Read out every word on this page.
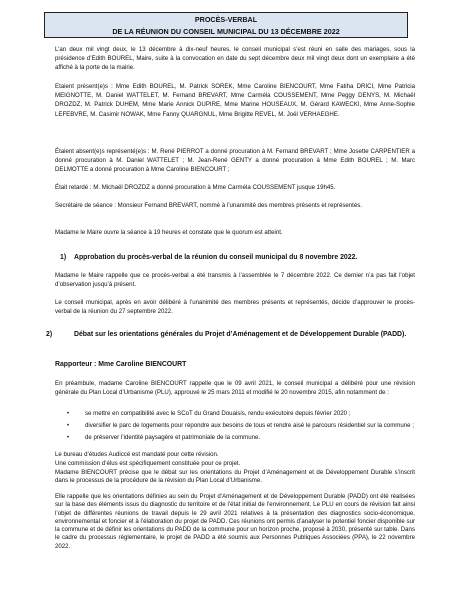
PROCÈS-VERBAL
DE LA RÉUNION DU CONSEIL MUNICIPAL DU 13 DÉCEMBRE 2022

L’an deux mil vingt deux, le 13 décembre à dix-neuf heures, le conseil municipal s’est réuni en salle des mariages, sous la présidence d’Edith BOUREL, Maire, suite à la convocation en date du sept décembre deux mil vingt deux dont un exemplaire a été affiché à la porte de la mairie.

Etaient présent(e)s : Mme Edith BOUREL, M. Patrick SOREK, Mme Caroline BIENCOURT, Mme Fatiha DRICI, Mme Patricia MEIGNOTTE, M. Daniel WATTELET, M. Fernand BREVART, Mme Carméla COUSSEMENT, Mme Peggy DENYS, M. Michaël DROZDZ, M. Patrick DUHEM, Mme Marie Annick DUPIRE, Mme Marine HOUSEAUX, M. Gérard KAWECKI, Mme Anne-Sophie LEFEBVRE, M. Casimir NOWAK, Mme Fanny QUARGNUL, Mme Brigitte REVEL, M. Joël VERHAEGHE.

Étaient absent(e)s représenté(e)s : M. René PIERROT a donné procuration à M. Fernand BREVART ; Mme Josette CARPENTIER a donné procuration à M. Daniel WATTELET ; M. Jean-René GENTY a donné procuration à Mme Edith BOUREL ; M. Marc DELMOTTE a donné procuration à Mme Caroline BIENCOURT ;

Était retardé : M. Michaël DROZDZ a donné procuration à Mme Carméla COUSSEMENT jusque 19h45.

Secrétaire de séance : Monsieur Fernand BREVART, nommé à l’unanimité des membres présents et représentés.

Madame le Maire ouvre la séance à 19 heures et constate que le quorum est atteint.

1) Approbation du procès-verbal de la réunion du conseil municipal du 8 novembre 2022.

Madame le Maire rappelle que ce procès-verbal a été transmis à l’assemblée le 7 décembre 2022. Ce dernier n’a pas fait l’objet d’observation jusqu’à présent.

Le conseil municipal, après en avoir délibéré à l’unanimité des membres présents et représentés, décide d’approuver le procès-verbal de la réunion du 27 septembre 2022.

2)	Débat sur les orientations générales du Projet d’Aménagement et de Développement Durable (PADD).

Rapporteur : Mme Caroline BIENCOURT

En préambule, madame Caroline BIENCOURT rappelle que le 09 avril 2021, le conseil municipal a délibéré pour une révision générale du Plan Local d’Urbanisme (PLU), approuvé le 25 mars 2011 et modifié le 20 novembre 2015, afin notamment de :

•	se mettre en compatibilité avec le SCoT du Grand Douaisis, rendu exécutoire depuis février 2020 ;
•	diversifier le parc de logements pour répondre aux besoins de tous et rendre aisé le parcours résidentiel sur la commune ;
•	de préserver l’identité paysagère et patrimoniale de la commune.

Le bureau d’études Audiccé est mandaté pour cette révision.

Une commission d’élus est spécifiquement constituée pour ce projet.

Madame BIENCOURT précise que le débat sur les orientations du Projet d’Aménagement et de Développement Durable s’inscrit dans le processus de la procédure de la révision du Plan Local d’Urbanisme.

Elle rappelle que les orientations définies au sein du Projet d’Aménagement et de Développement Durable (PADD) ont été réalisées sur la base des éléments issus du diagnostic du territoire et de l’état initial de l’environnement. Le PLU en cours de révision fait ainsi l’objet de différentes réunions de travail depuis le 29 avril 2021 relatives à la présentation des diagnostics socio-économique, environnemental et foncier et à l’élaboration du projet de PADD. Ces réunions ont permis d’analyser le potentiel foncier disponible sur la commune et de définir les orientations du PADD de la commune pour un horizon proche, proposé à 2030, présenté sur table. Dans le cadre du processus réglementaire, le projet de PADD a été soumis aux Personnes Publiques Associées (PPA), le 22 novembre 2022.
